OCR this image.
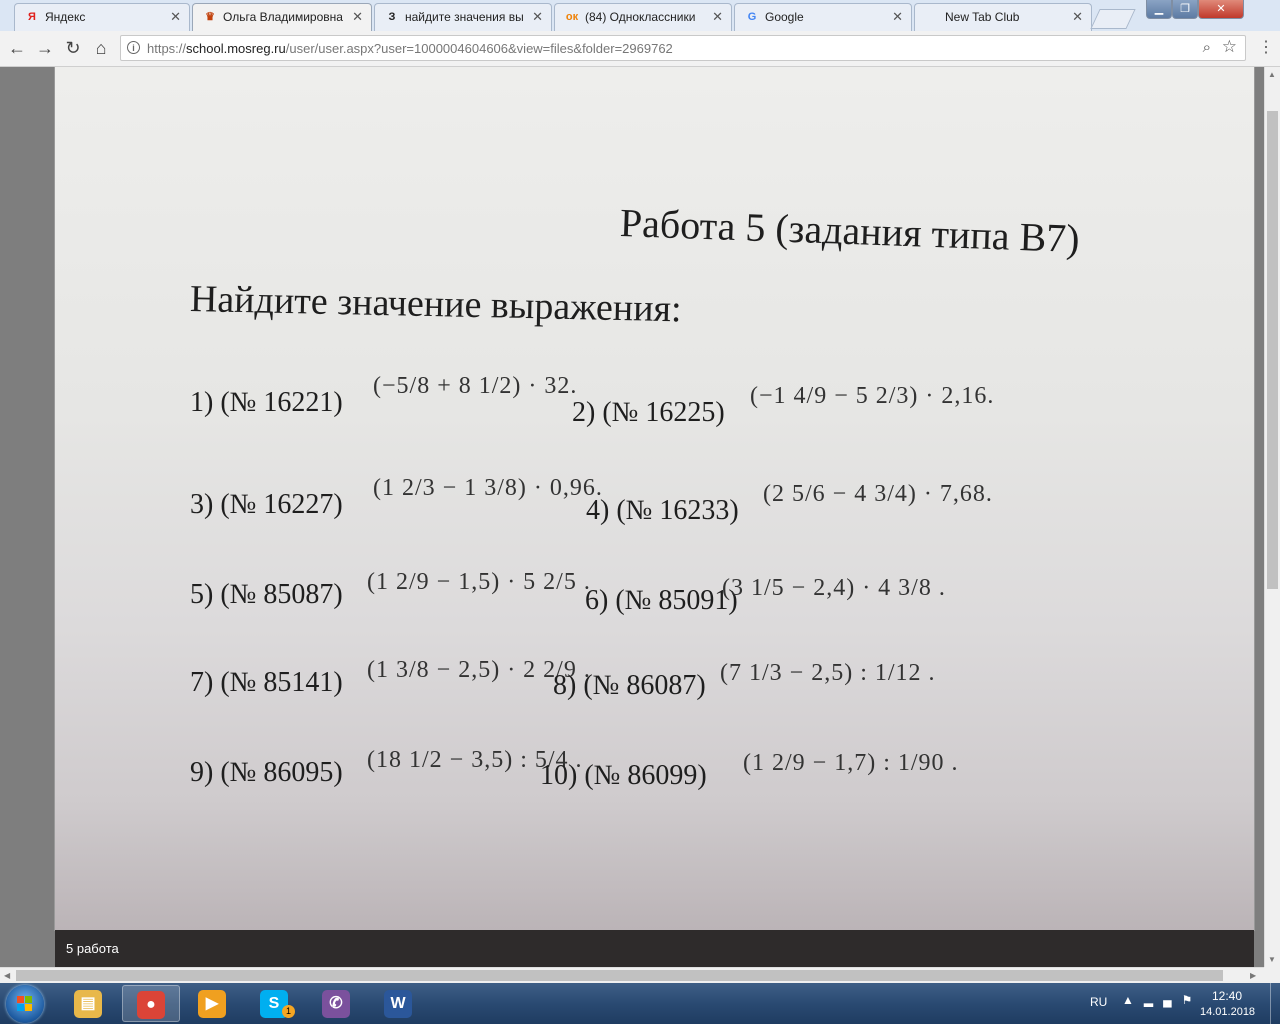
Я Яндекс	✕ ♛ Ольга Владимировна ✕	З найдите значения вы ✕ ок (84) Одноклассники	✕ G Google	✕	New Tab Club	✕	▁	❐	✕
← → ↻ ⌂	i https://school.mosreg.ru/user/user.aspx?user=1000004604606&view=files&folder=2969762	⌕ ☆ ⋮
Работа 5 (задания типа B7)
Найдите значение выражения:
1) (№ 16221)
(−5/8 + 8 1/2) · 32.
2) (№ 16225)
(−1 4/9 − 5 2/3) · 2,16.
3) (№ 16227)
(1 2/3 − 1 3/8) · 0,96.
4) (№ 16233)
(2 5/6 − 4 3/4) · 7,68.
5) (№ 85087) (1 2/9 − 1,5) · 5 2/5 .
6) (№ 85091)
(3 1/5 − 2,4) · 4 3/8 .
7) (№ 85141) (1 3/8 − 2,5) · 2 2/9 .
8) (№ 86087) (7 1/3 − 2,5) : 1/12 .
9) (№ 86095) (18 1/2 − 3,5) : 5/4 .
10) (№ 86099) (1 2/9 − 1,7) : 1/90 .
5 работа
▲
▼
◀	▶
▤	●	▶	S 1	✆	W	RU ▲▂▄⚑ 12:40
14.01.2018
